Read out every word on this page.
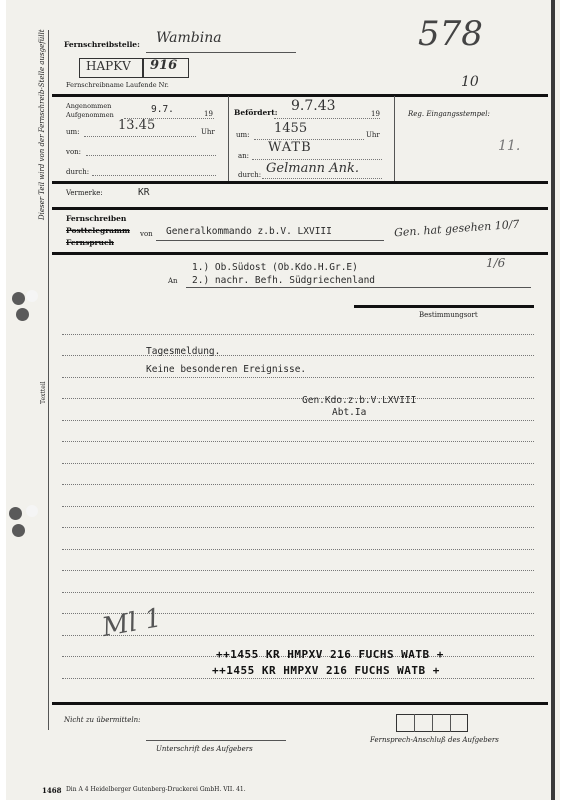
Dieser Teil wird von der Fernschreib-Stelle ausgefüllt
Textteil
Fernschreibstelle: Wambina	578
10
HAPKV 916
Fernschreibname Laufende Nr.
Angenommen
Aufgenommen	9.7.	19
um:	13.45	Uhr
von:
durch:
Befördert: 9.7.43	19
um: 1455	Uhr
an:
WATB
durch: Gelmann Ank.
Reg. Eingangsstempel:
11.
Vermerke:	KR
Fernschreiben
Posttelegramm
Fernspruch
von Generalkommando z.b.V. LXVIII	Gen. hat gesehen 10/7
1/6
1.) Ob.Südost (Ob.Kdo.H.Gr.E)
An 2.) nachr. Befh. Südgriechenland
Bestimmungsort
Tagesmeldung.
Keine besonderen Ereignisse.
Gen.Kdo.z.b.V.LXVIII
Abt.Ia
Ml 1
++1455 KR HMPXV 216 FUCHS WATB +
++1455 KR HMPXV 216 FUCHS WATB +
Nicht zu übermitteln:
Unterschrift des Aufgebers
Fernsprech-Anschluß des Aufgebers
1468 Din A 4 Heidelberger Gutenberg-Druckerei GmbH. VII. 41.
